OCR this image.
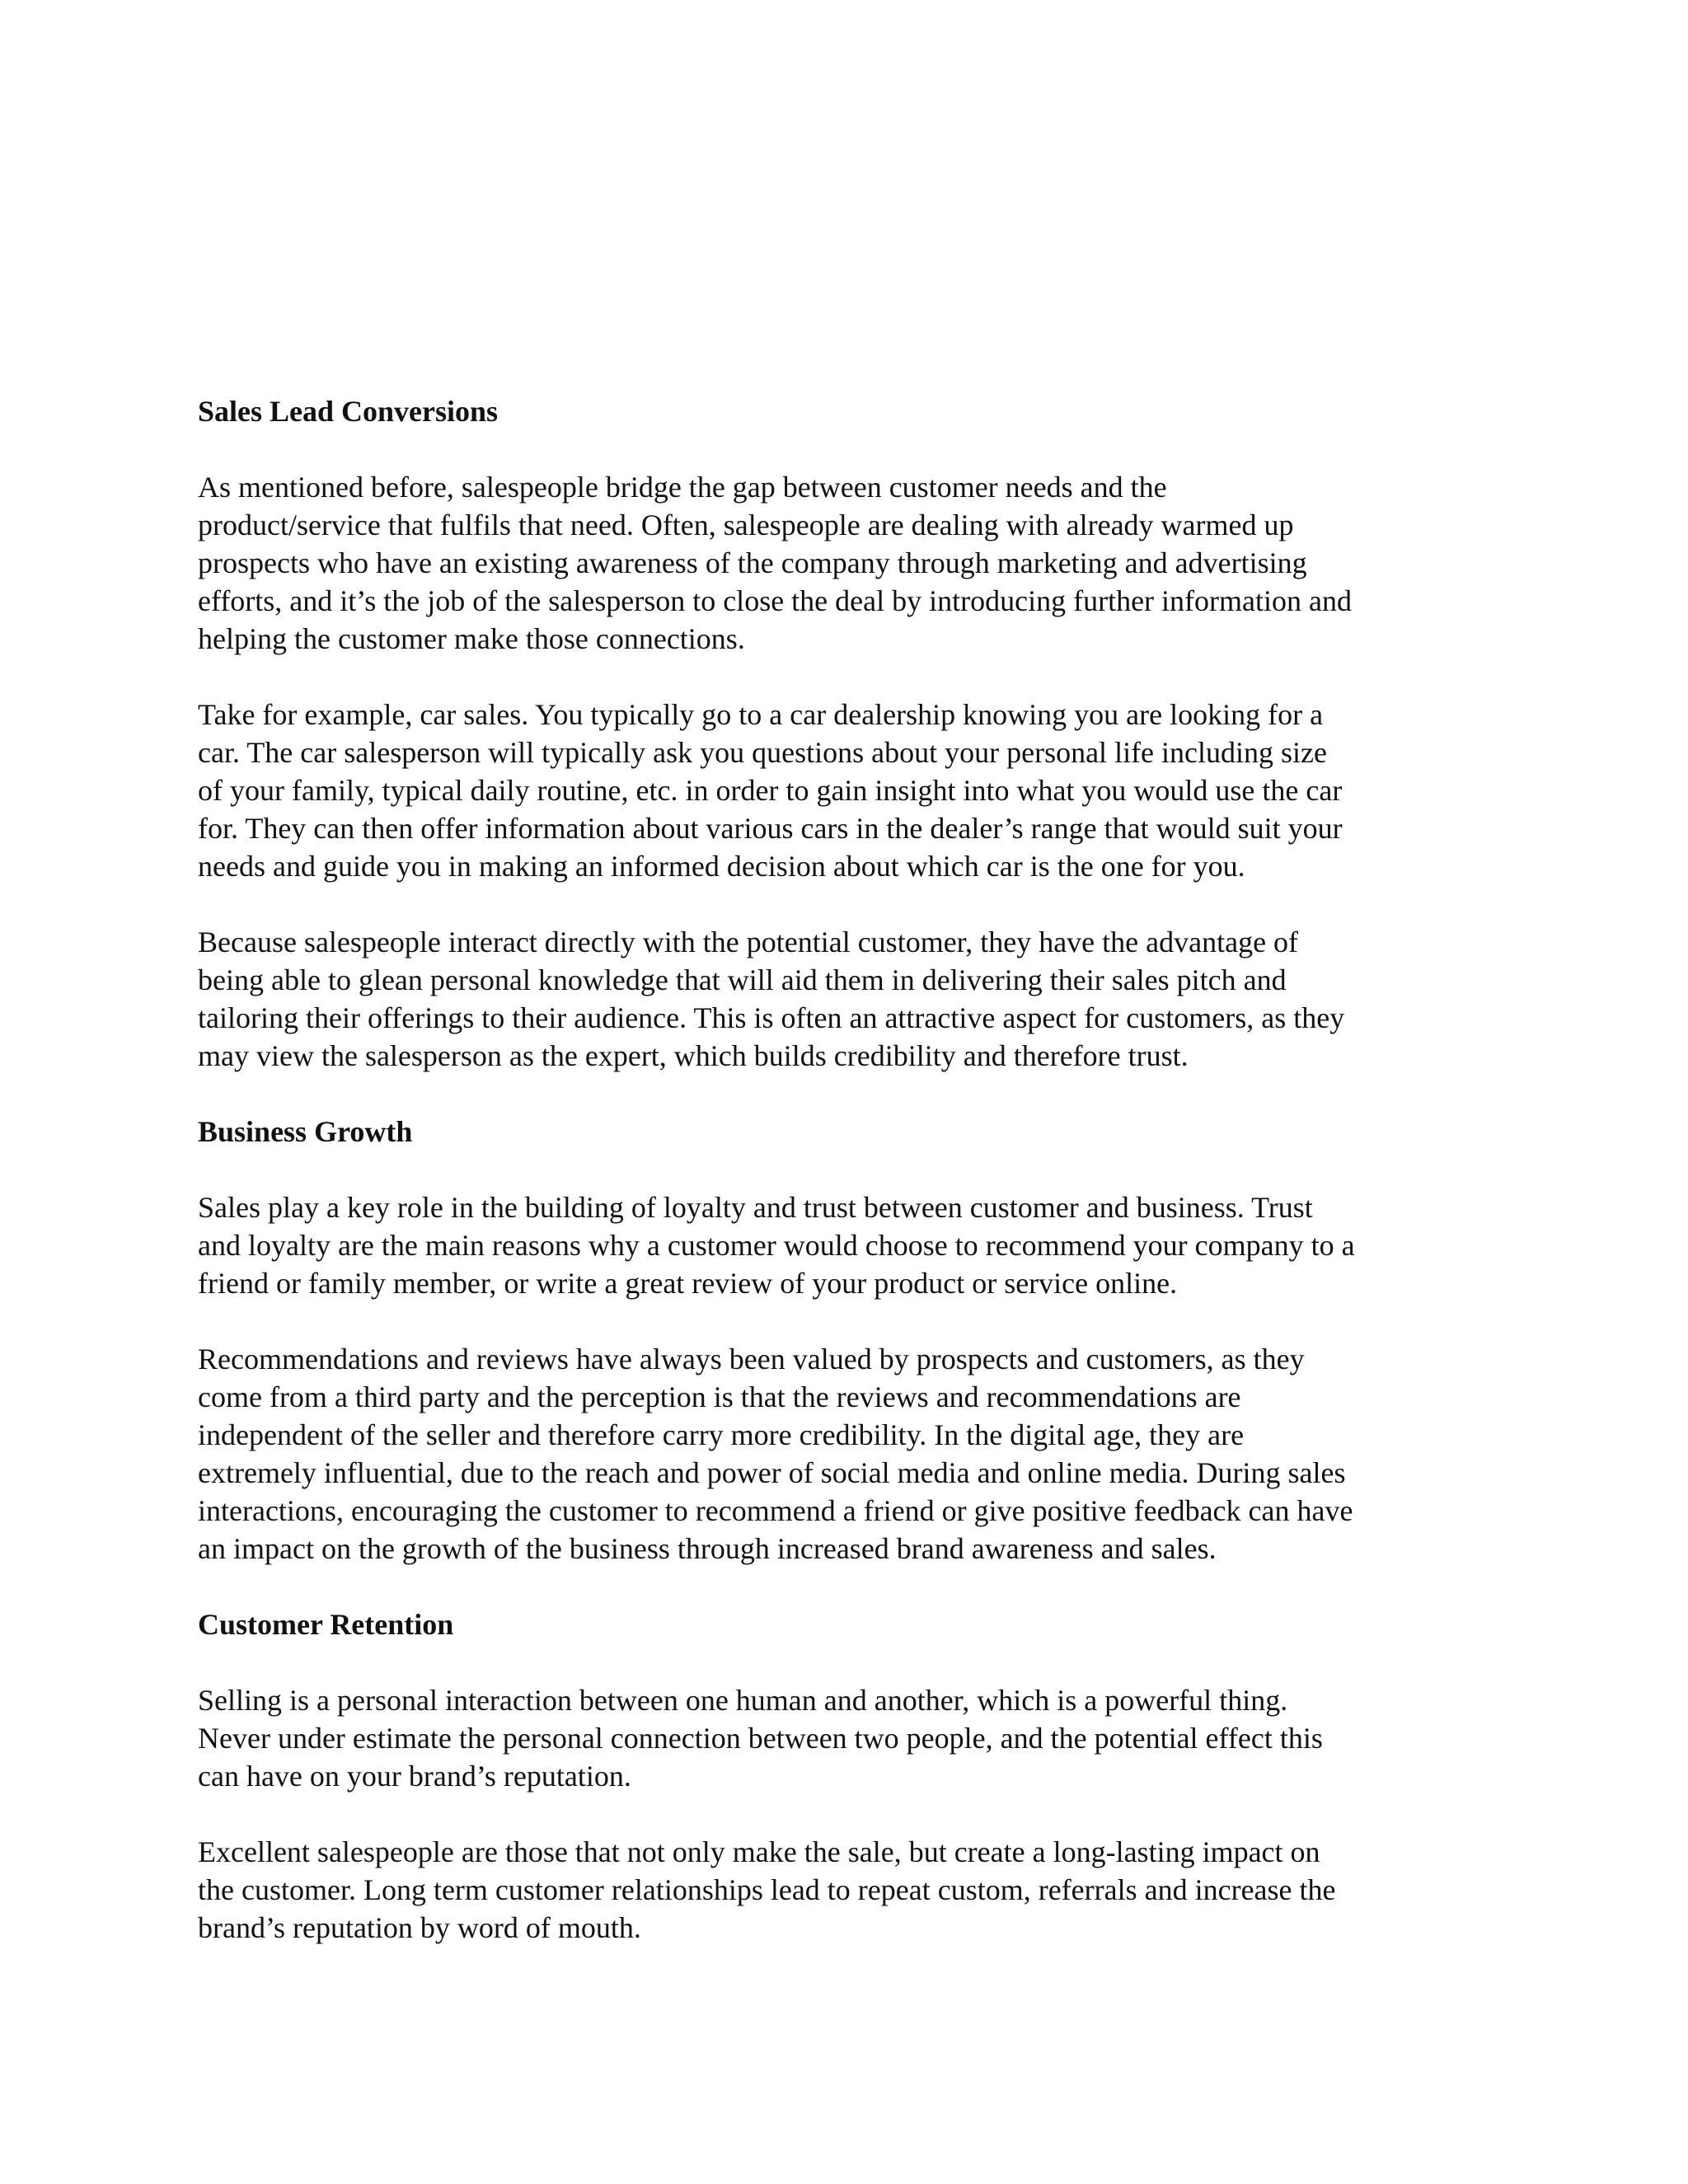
Sales Lead Conversions
As mentioned before, salespeople bridge the gap between customer needs and the
product/service that fulfils that need. Often, salespeople are dealing with already warmed up
prospects who have an existing awareness of the company through marketing and advertising
efforts, and it’s the job of the salesperson to close the deal by introducing further information and
helping the customer make those connections.
Take for example, car sales. You typically go to a car dealership knowing you are looking for a
car. The car salesperson will typically ask you questions about your personal life including size
of your family, typical daily routine, etc. in order to gain insight into what you would use the car
for. They can then offer information about various cars in the dealer’s range that would suit your
needs and guide you in making an informed decision about which car is the one for you.
Because salespeople interact directly with the potential customer, they have the advantage of
being able to glean personal knowledge that will aid them in delivering their sales pitch and
tailoring their offerings to their audience. This is often an attractive aspect for customers, as they
may view the salesperson as the expert, which builds credibility and therefore trust.
Business Growth
Sales play a key role in the building of loyalty and trust between customer and business. Trust
and loyalty are the main reasons why a customer would choose to recommend your company to a
friend or family member, or write a great review of your product or service online.
Recommendations and reviews have always been valued by prospects and customers, as they
come from a third party and the perception is that the reviews and recommendations are
independent of the seller and therefore carry more credibility. In the digital age, they are
extremely influential, due to the reach and power of social media and online media. During sales
interactions, encouraging the customer to recommend a friend or give positive feedback can have
an impact on the growth of the business through increased brand awareness and sales.
Customer Retention
Selling is a personal interaction between one human and another, which is a powerful thing.
Never under estimate the personal connection between two people, and the potential effect this
can have on your brand’s reputation.
Excellent salespeople are those that not only make the sale, but create a long-lasting impact on
the customer. Long term customer relationships lead to repeat custom, referrals and increase the
brand’s reputation by word of mouth.
